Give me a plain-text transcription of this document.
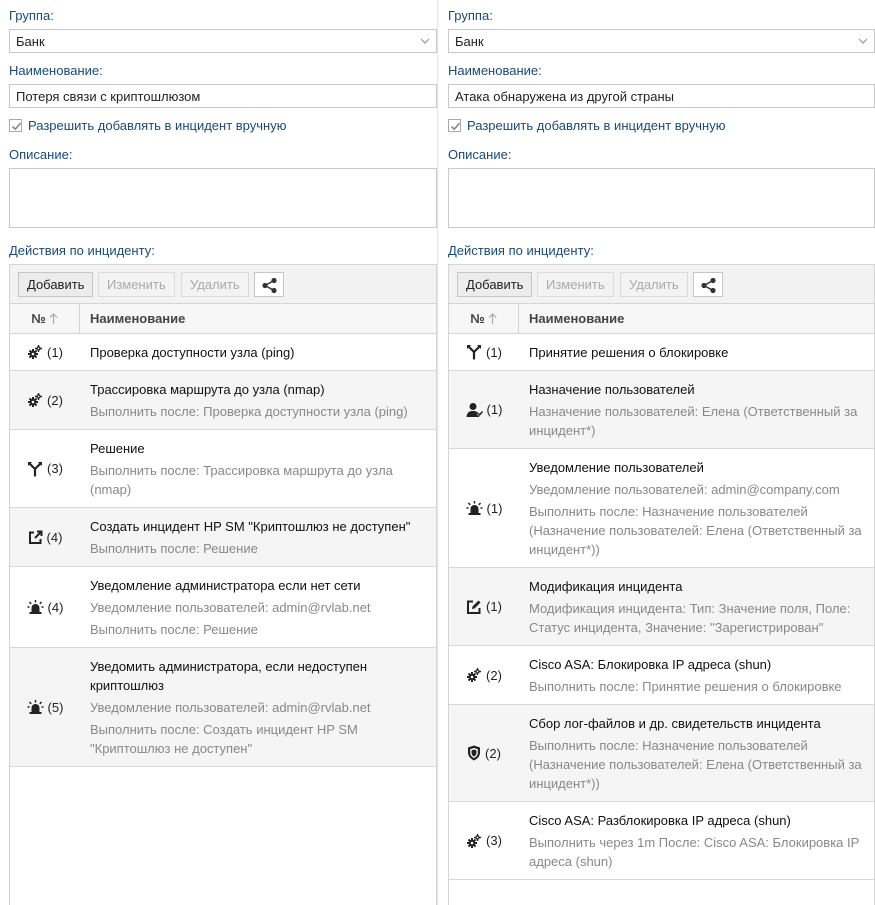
Группа:
Банк
Наименование:
Потеря связи с криптошлюзом
Разрешить добавлять в инцидент вручную
Описание:
Действия по инциденту:
Добавить	Изменить	Удалить
№	Наименование
(1) Проверка доступности узла (ping)
(2)
Трассировка маршрута до узла (nmap)
Выполнить после: Проверка доступности узла (ping)
(3)
Решение
Выполнить после: Трассировка маршрута до узла (nmap)
(4)
Создать инцидент HP SM "Криптошлюз не доступен"
Выполнить после: Решение
(4)
Уведомление администратора если нет сети
Уведомление пользователей: admin@rvlab.net
Выполнить после: Решение
(5)
Уведомить администратора, если недоступен криптошлюз
Уведомление пользователей: admin@rvlab.net
Выполнить после: Создать инцидент HP SM "Криптошлюз не доступен"
Группа:
Банк
Наименование:
Атака обнаружена из другой страны
Разрешить добавлять в инцидент вручную
Описание:
Действия по инциденту:
Добавить	Изменить	Удалить
№	Наименование
(1) Принятие решения о блокировке
(1)
Назначение пользователей
Назначение пользователей: Елена (Ответственный за инцидент*)
(1)
Уведомление пользователей
Уведомление пользователей: admin@company.com
Выполнить после: Назначение пользователей (Назначение пользователей: Елена (Ответственный за инцидент*))
(1)
Модификация инцидента
Модификация инцидента: Тип: Значение поля, Поле: Статус инцидента, Значение: "Зарегистрирован"
(2)
Cisco ASA: Блокировка IP адреса (shun)
Выполнить после: Принятие решения о блокировке
(2)
Сбор лог-файлов и др. свидетельств инцидента
Выполнить после: Назначение пользователей (Назначение пользователей: Елена (Ответственный за инцидент*))
(3)
Cisco ASA: Разблокировка IP адреса (shun)
Выполнить через 1m После: Cisco ASA: Блокировка IP адреса (shun)
